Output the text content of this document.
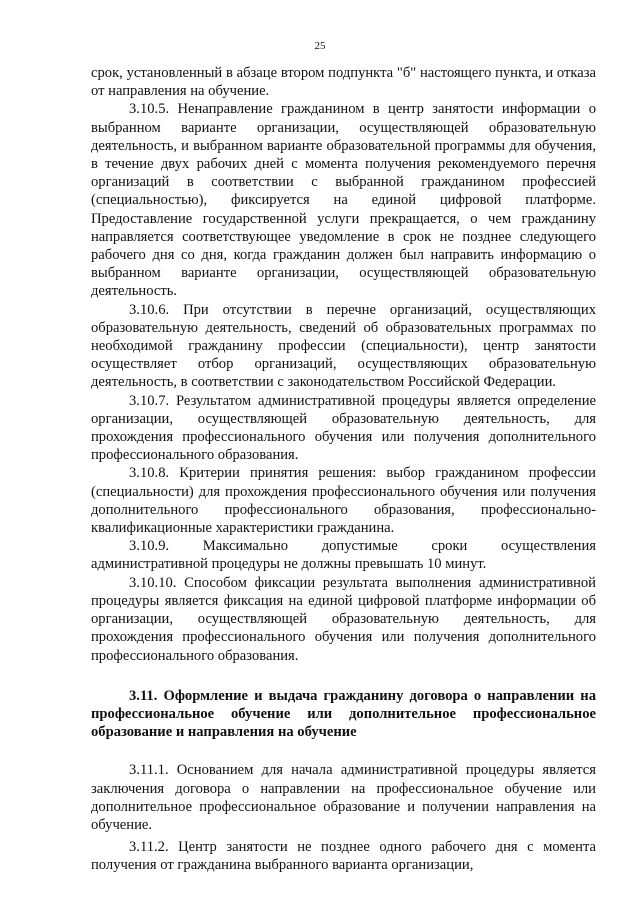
25

срок, установленный в абзаце втором подпункта "б" настоящего пункта, и отказа от направления на обучение.

3.10.5. Ненаправление гражданином в центр занятости информации о выбранном варианте организации, осуществляющей образовательную деятельность, и выбранном варианте образовательной программы для обучения, в течение двух рабочих дней с момента получения рекомендуемого перечня организаций в соответствии с выбранной гражданином профессией (специальностью), фиксируется на единой цифровой платформе. Предоставление государственной услуги прекращается, о чем гражданину направляется соответствующее уведомление в срок не позднее следующего рабочего дня со дня, когда гражданин должен был направить информацию о выбранном варианте организации, осуществляющей образовательную деятельность.

3.10.6. При отсутствии в перечне организаций, осуществляющих образовательную деятельность, сведений об образовательных программах по необходимой гражданину профессии (специальности), центр занятости осуществляет отбор организаций, осуществляющих образовательную деятельность, в соответствии с законодательством Российской Федерации.

3.10.7. Результатом административной процедуры является определение организации, осуществляющей образовательную деятельность, для прохождения профессионального обучения или получения дополнительного профессионального образования.

3.10.8. Критерии принятия решения: выбор гражданином профессии (специальности) для прохождения профессионального обучения или получения дополнительного профессионального образования, профессионально-квалификационные характеристики гражданина.

3.10.9. Максимально допустимые сроки осуществления административной процедуры не должны превышать 10 минут.

3.10.10. Способом фиксации результата выполнения административной процедуры является фиксация на единой цифровой платформе информации об организации, осуществляющей образовательную деятельность, для прохождения профессионального обучения или получения дополнительного профессионального образования.

3.11. Оформление и выдача гражданину договора о направлении на профессиональное обучение или дополнительное профессиональное образование и направления на обучение

3.11.1. Основанием для начала административной процедуры является заключения договора о направлении на профессиональное обучение или дополнительное профессиональное образование и получении направления на обучение.

3.11.2. Центр занятости не позднее одного рабочего дня с момента получения от гражданина выбранного варианта организации,
